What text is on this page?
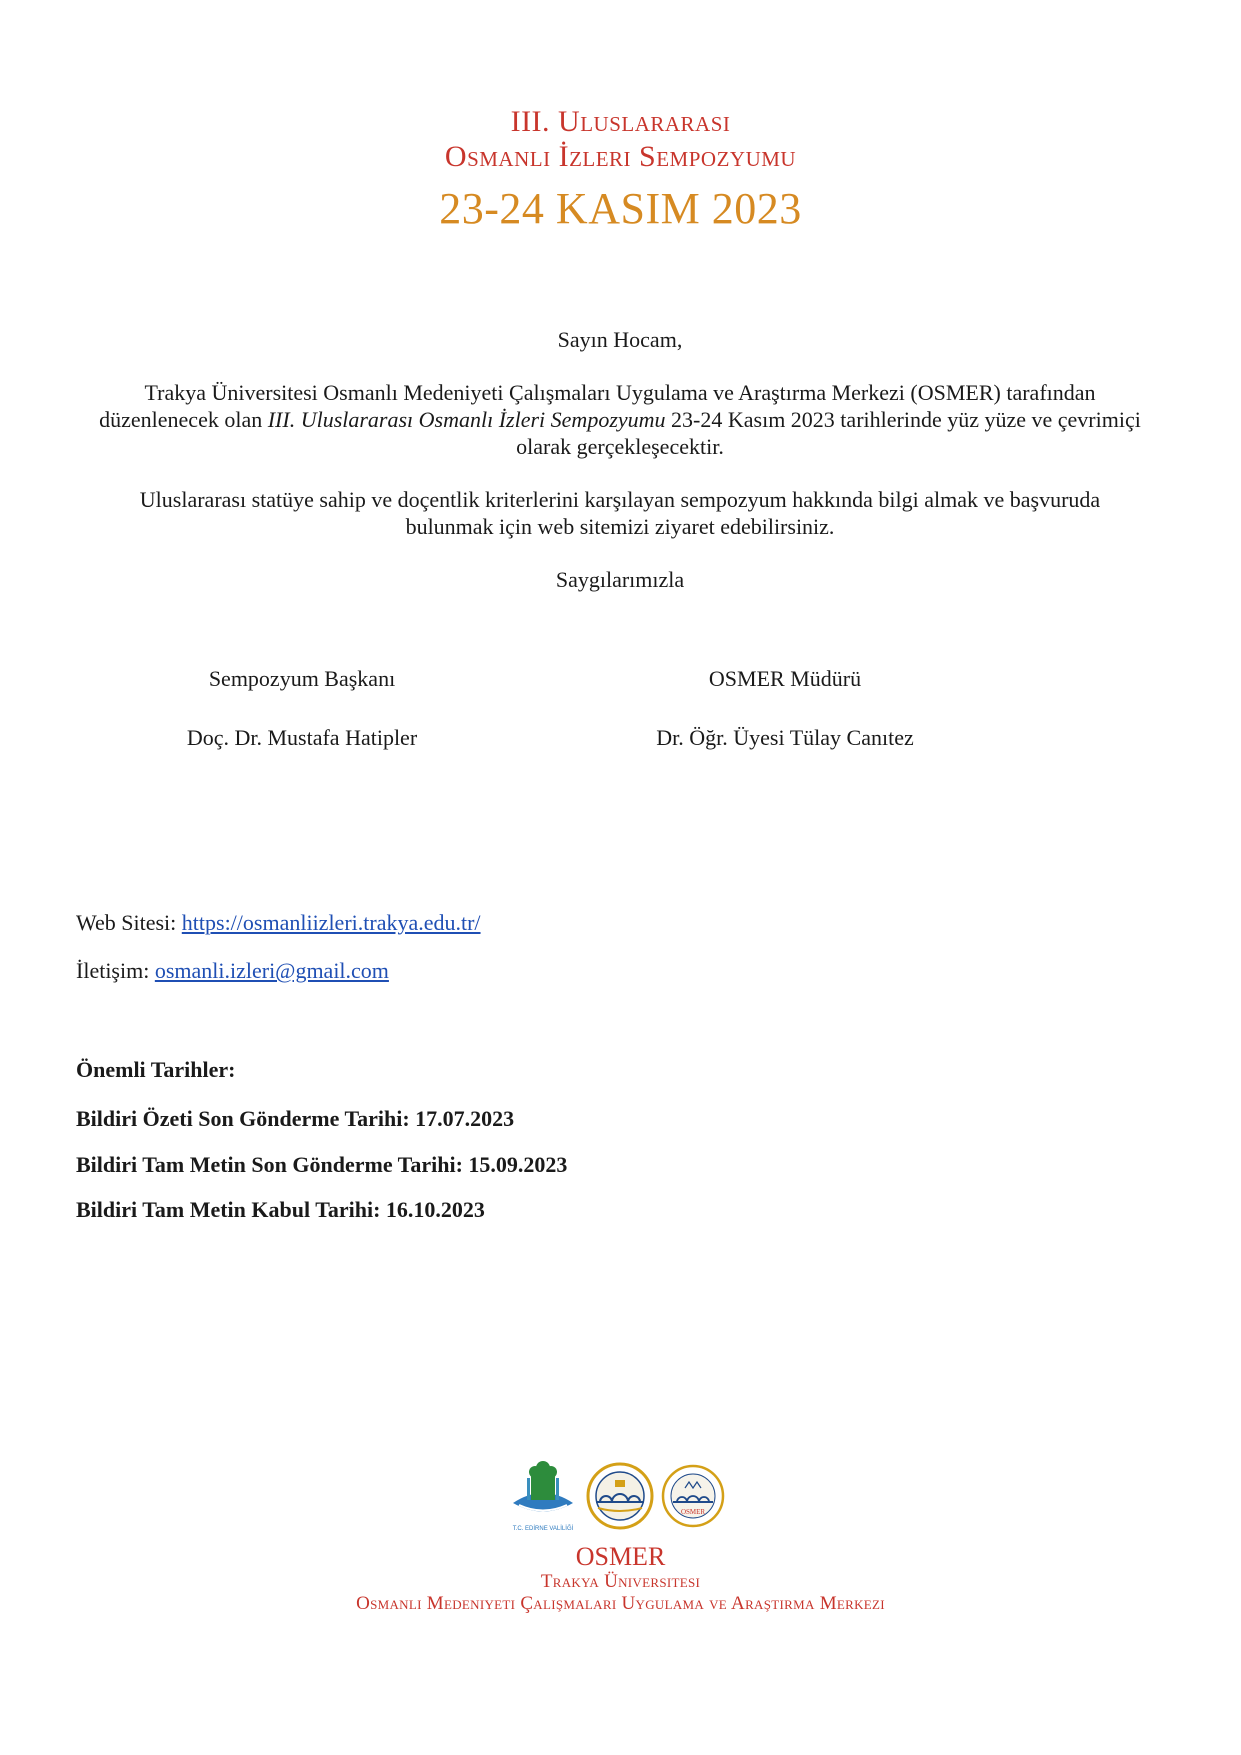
III. Uluslararası
Osmanlı İzleri Sempozyumu
23-24 KASIM 2023
Sayın Hocam,
Trakya Üniversitesi Osmanlı Medeniyeti Çalışmaları Uygulama ve Araştırma Merkezi (OSMER) tarafından düzenlenecek olan III. Uluslararası Osmanlı İzleri Sempozyumu 23-24 Kasım 2023 tarihlerinde yüz yüze ve çevrimiçi olarak gerçekleşecektir.
Uluslararası statüye sahip ve doçentlik kriterlerini karşılayan sempozyum hakkında bilgi almak ve başvuruda bulunmak için web sitemizi ziyaret edebilirsiniz.
Saygılarımızla
Sempozyum Başkanı
Doç. Dr. Mustafa Hatipler
OSMER Müdürü
Dr. Öğr. Üyesi Tülay Canıtez
Web Sitesi: https://osmanliizleri.trakya.edu.tr/
İletişim: osmanli.izleri@gmail.com
Önemli Tarihler:
Bildiri Özeti Son Gönderme Tarihi: 17.07.2023
Bildiri Tam Metin Son Gönderme Tarihi: 15.09.2023
Bildiri Tam Metin Kabul Tarihi: 16.10.2023
T.C. EDİRNE VALİLİĞİ
OSMER
OSMER
Trakya Üniversitesi
Osmanlı Medeniyeti Çalışmaları Uygulama ve Araştırma Merkezi
